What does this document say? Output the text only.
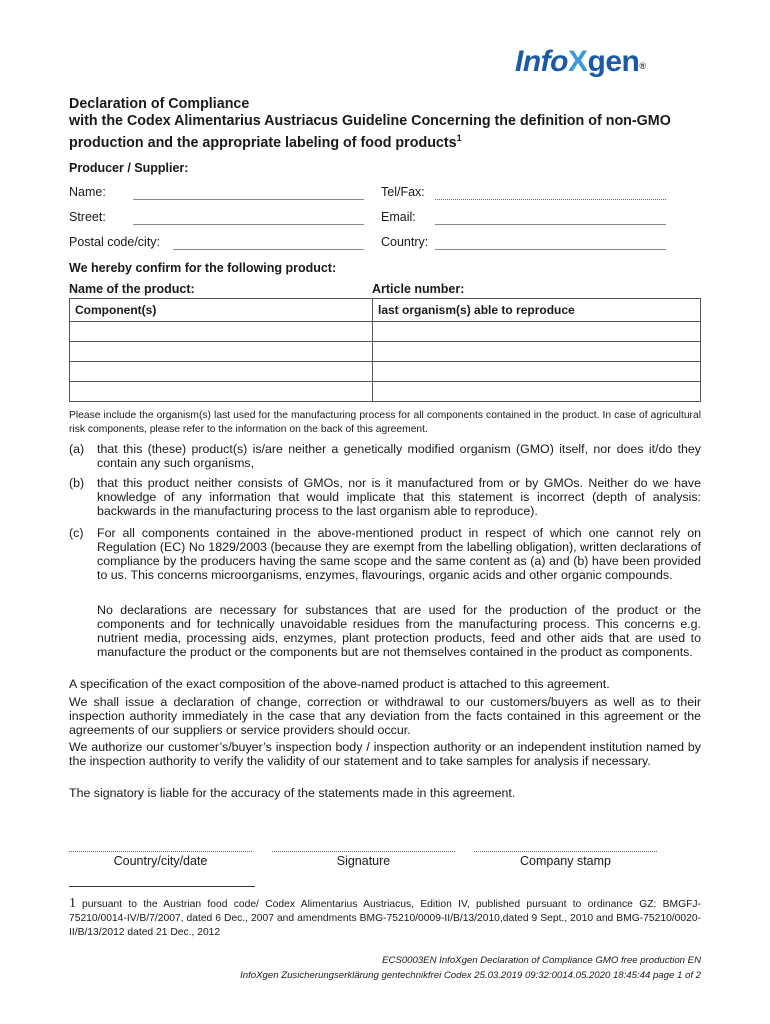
InfoXgen®
Declaration of Compliance
with the Codex Alimentarius Austriacus Guideline Concerning the definition of non-GMO production and the appropriate labeling of food products$^1$
Producer / Supplier:
Name:	Tel/Fax:
Street:	Email:
Postal code/city:	Country:
We hereby confirm for the following product:
Name of the product:	Article number:
Component(s)	last organism(s) able to reproduce

Please include the organism(s) last used for the manufacturing process for all components contained in the product. In case of agricultural risk components, please refer to the information on the back of this agreement.
(a) that this (these) product(s) is/are neither a genetically modified organism (GMO) itself, nor does it/do they contain any such organisms,
(b) that this product neither consists of GMOs, nor is it manufactured from or by GMOs. Neither do we have knowledge of any information that would implicate that this statement is incorrect (depth of analysis: backwards in the manufacturing process to the last organism able to reproduce).
(c) For all components contained in the above-mentioned product in respect of which one cannot rely on Regulation (EC) No 1829/2003 (because they are exempt from the labelling obligation), written declarations of compliance by the producers having the same scope and the same content as (a) and (b) have been provided to us. This concerns microorganisms, enzymes, flavourings, organic acids and other organic compounds.
No declarations are necessary for substances that are used for the production of the product or the components and for technically unavoidable residues from the manufacturing process. This concerns e.g. nutrient media, processing aids, enzymes, plant protection products, feed and other aids that are used to manufacture the product or the components but are not themselves contained in the product as components.
A specification of the exact composition of the above-named product is attached to this agreement.
We shall issue a declaration of change, correction or withdrawal to our customers/buyers as well as to their inspection authority immediately in the case that any deviation from the facts contained in this agreement or the agreements of our suppliers or service providers should occur.
We authorize our customer’s/buyer’s inspection body / inspection authority or an independent institution named by the inspection authority to verify the validity of our statement and to take samples for analysis if necessary.
The signatory is liable for the accuracy of the statements made in this agreement.
Country/city/date	Signature	Company stamp
1 pursuant to the Austrian food code/ Codex Alimentarius Austriacus, Edition IV, published pursuant to ordinance GZ: BMGFJ-75210/0014-IV/B/7/2007, dated 6 Dec., 2007 and amendments BMG-75210/0009-II/B/13/2010,dated 9 Sept., 2010 and BMG-75210/0020-II/B/13/2012 dated 21 Dec., 2012
ECS0003EN InfoXgen Declaration of Compliance GMO free production EN
InfoXgen Zusicherungserklärung gentechnikfrei Codex 25.03.2019 09:32:0014.05.2020 18:45:44 page 1 of 2
